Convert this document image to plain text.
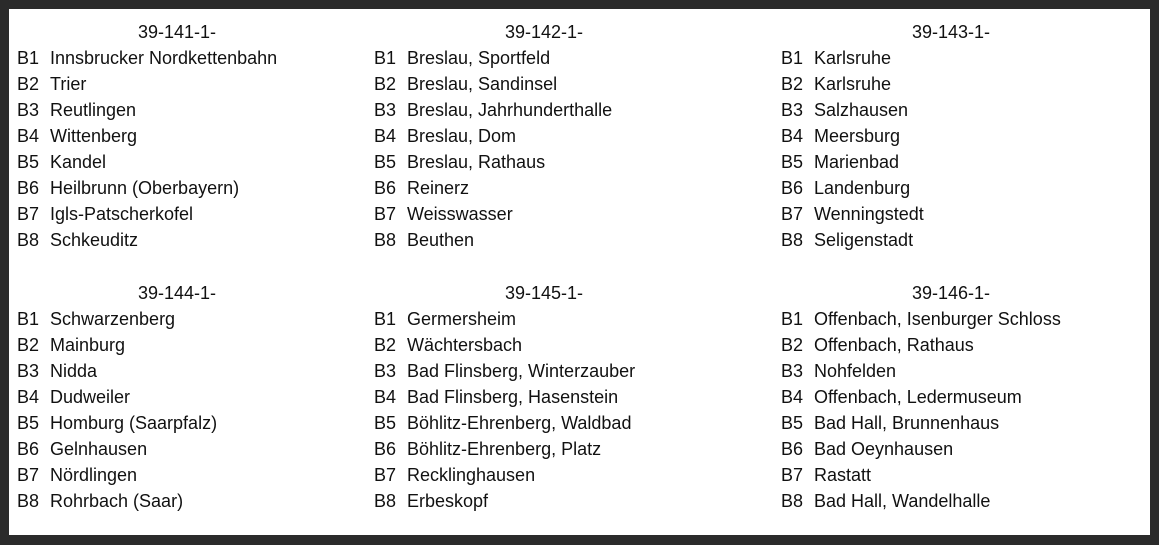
39-141-1-
B1 Innsbrucker Nordkettenbahn
B2 Trier
B3 Reutlingen
B4 Wittenberg
B5 Kandel
B6 Heilbrunn (Oberbayern)
B7 Igls-Patscherkofel
B8 Schkeuditz
39-142-1-
B1 Breslau, Sportfeld
B2 Breslau, Sandinsel
B3 Breslau, Jahrhunderthalle
B4 Breslau, Dom
B5 Breslau, Rathaus
B6 Reinerz
B7 Weisswasser
B8 Beuthen
39-143-1-
B1 Karlsruhe
B2 Karlsruhe
B3 Salzhausen
B4 Meersburg
B5 Marienbad
B6 Landenburg
B7 Wenningstedt
B8 Seligenstadt
39-144-1-
B1 Schwarzenberg
B2 Mainburg
B3 Nidda
B4 Dudweiler
B5 Homburg (Saarpfalz)
B6 Gelnhausen
B7 Nördlingen
B8 Rohrbach (Saar)
39-145-1-
B1 Germersheim
B2 Wächtersbach
B3 Bad Flinsberg, Winterzauber
B4 Bad Flinsberg, Hasenstein
B5 Böhlitz-Ehrenberg, Waldbad
B6 Böhlitz-Ehrenberg, Platz
B7 Recklinghausen
B8 Erbeskopf
39-146-1-
B1 Offenbach, Isenburger Schloss
B2 Offenbach, Rathaus
B3 Nohfelden
B4 Offenbach, Ledermuseum
B5 Bad Hall, Brunnenhaus
B6 Bad Oeynhausen
B7 Rastatt
B8 Bad Hall, Wandelhalle
